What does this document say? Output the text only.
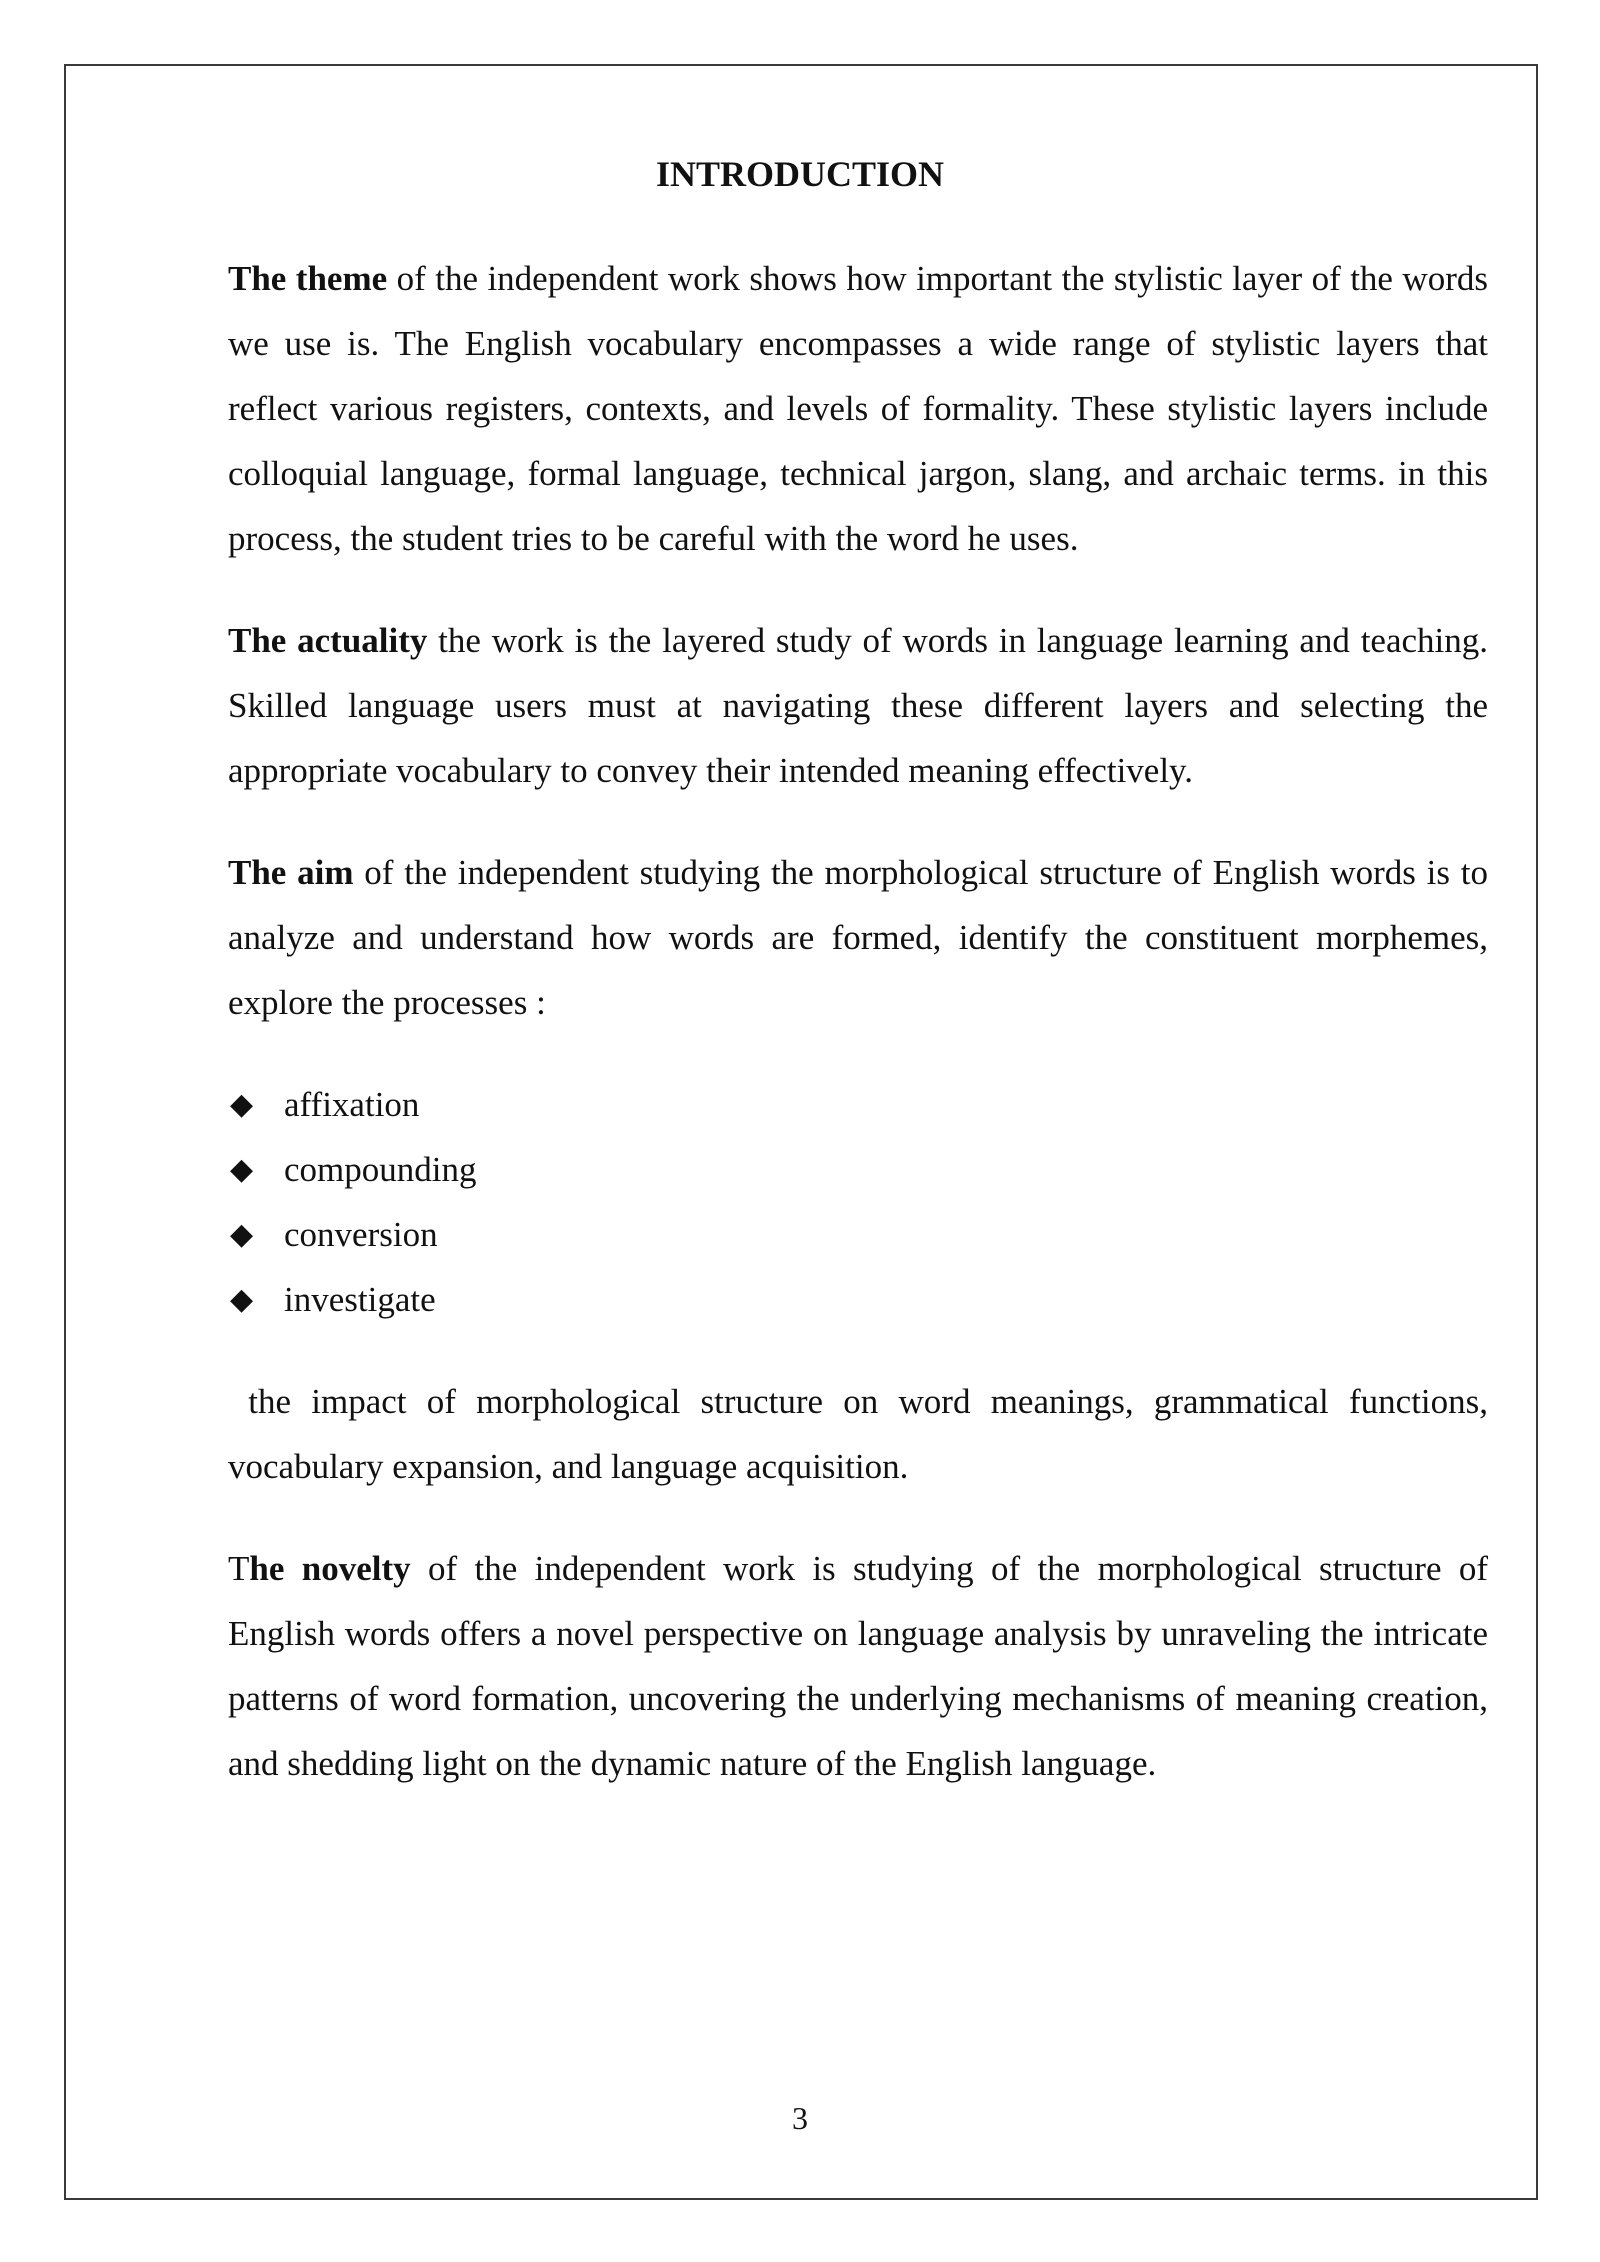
INTRODUCTION

The theme of the independent work shows how important the stylistic layer of the words we use is. The English vocabulary encompasses a wide range of stylistic layers that reflect various registers, contexts, and levels of formality. These stylistic layers include colloquial language, formal language, technical jargon, slang, and archaic terms. in this process, the student tries to be careful with the word he uses.

The actuality the work is the layered study of words in language learning and teaching. Skilled language users must at navigating these different layers and selecting the appropriate vocabulary to convey their intended meaning effectively.

The aim of the independent studying the morphological structure of English words is to analyze and understand how words are formed, identify the constituent morphemes, explore the processes :

◆ affixation
◆ compounding
◆ conversion
◆ investigate

the impact of morphological structure on word meanings, grammatical functions, vocabulary expansion, and language acquisition.

The novelty of the independent work is studying of the morphological structure of English words offers a novel perspective on language analysis by unraveling the intricate patterns of word formation, uncovering the underlying mechanisms of meaning creation, and shedding light on the dynamic nature of the English language.

3
